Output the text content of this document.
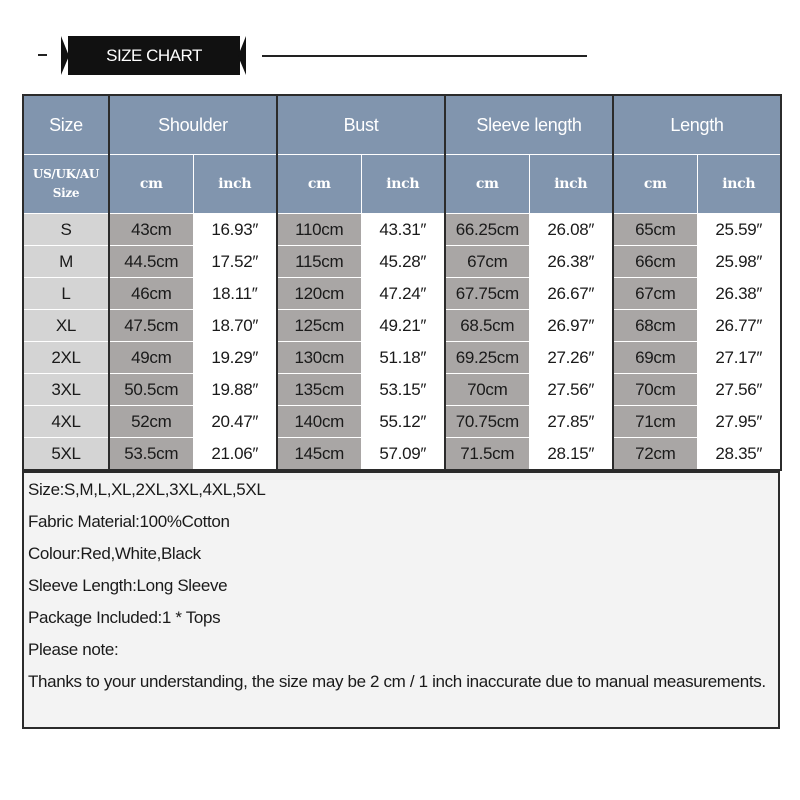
SIZE CHART
Size	Shoulder		Bust		Sleeve length		Length	

US/UK/AU
Size	cm	inch	cm	inch	cm	inch	cm	inch
S	43cm	16.93″	110cm	43.31″	66.25cm	26.08″	65cm	25.59″
M	44.5cm	17.52″	115cm	45.28″	67cm	26.38″	66cm	25.98″
L	46cm	18.11″	120cm	47.24″	67.75cm	26.67″	67cm	26.38″
XL	47.5cm	18.70″	125cm	49.21″	68.5cm	26.97″	68cm	26.77″
2XL	49cm	19.29″	130cm	51.18″	69.25cm	27.26″	69cm	27.17″
3XL	50.5cm	19.88″	135cm	53.15″	70cm	27.56″	70cm	27.56″
4XL	52cm	20.47″	140cm	55.12″	70.75cm	27.85″	71cm	27.95″
5XL	53.5cm	21.06″	145cm	57.09″	71.5cm	28.15″	72cm	28.35″
Size:S,M,L,XL,2XL,3XL,4XL,5XL
Fabric Material:100%Cotton
Colour:Red,White,Black
Sleeve Length:Long Sleeve
Package Included:1 * Tops
Please note:
Thanks to your understanding, the size may be 2 cm / 1 inch inaccurate due to manual measurements.
